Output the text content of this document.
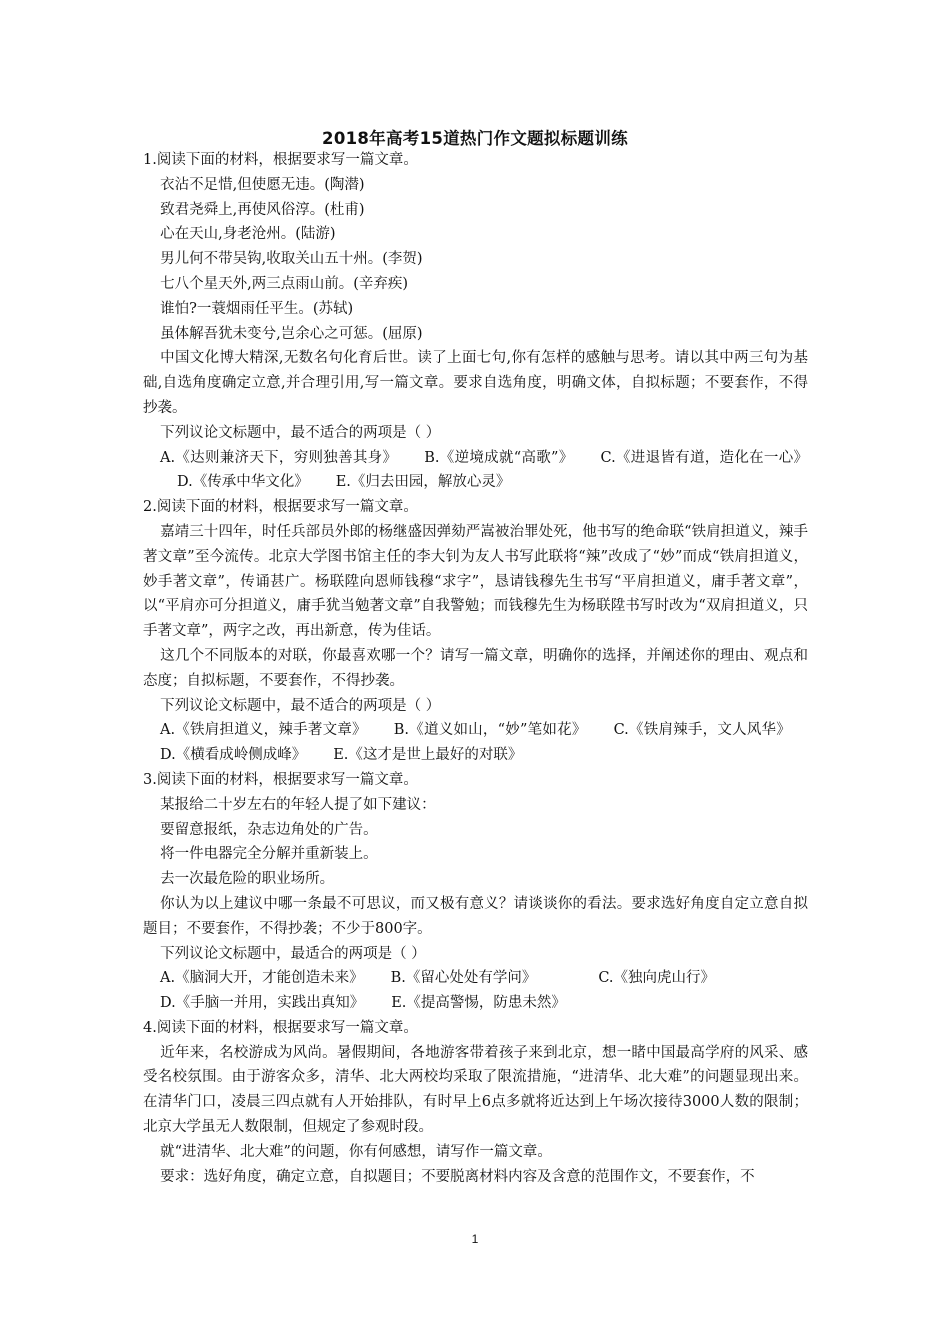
2018年高考15道热门作文题拟标题训练

1.阅读下面的材料，根据要求写一篇文章。

衣沾不足惜,但使愿无违。(陶潜)

致君尧舜上,再使风俗淳。(杜甫)

心在天山,身老沧州。(陆游)

男儿何不带吴钩,收取关山五十州。(李贺)

七八个星天外,两三点雨山前。(辛弃疾)

谁怕?一蓑烟雨任平生。(苏轼)

虽体解吾犹未变兮,岂余心之可惩。(屈原)

中国文化博大精深,无数名句化育后世。读了上面七句,你有怎样的感触与思考。请以其中两三句为基础,自选角度确定立意,并合理引用,写一篇文章。要求自选角度，明确文体，自拟标题；不要套作，不得抄袭。

下列议论文标题中，最不适合的两项是（ ）

A.《达则兼济天下，穷则独善其身》 B.《逆境成就“高歌”》 C.《进退皆有道，造化在一心》D.《传承中华文化》 E.《归去田园，解放心灵》

2.阅读下面的材料，根据要求写一篇文章。

嘉靖三十四年，时任兵部员外郎的杨继盛因弹劾严嵩被治罪处死，他书写的绝命联“铁肩担道义，辣手著文章”至今流传。北京大学图书馆主任的李大钊为友人书写此联将“辣”改成了“妙”而成“铁肩担道义，妙手著文章”，传诵甚广。杨联陞向恩师钱穆“求字”，恳请钱穆先生书写“平肩担道义，庸手著文章”，以“平肩亦可分担道义，庸手犹当勉著文章”自我警勉；而钱穆先生为杨联陞书写时改为“双肩担道义，只手著文章”，两字之改，再出新意，传为佳话。

这几个不同版本的对联，你最喜欢哪一个？请写一篇文章，明确你的选择，并阐述你的理由、观点和态度；自拟标题，不要套作，不得抄袭。

下列议论文标题中，最不适合的两项是（ ）

A.《铁肩担道义，辣手著文章》 B.《道义如山，“妙”笔如花》 C.《铁肩辣手，文人风华》D.《横看成岭侧成峰》 E.《这才是世上最好的对联》

3.阅读下面的材料，根据要求写一篇文章。

某报给二十岁左右的年轻人提了如下建议：

要留意报纸，杂志边角处的广告。

将一件电器完全分解并重新装上。

去一次最危险的职业场所。

你认为以上建议中哪一条最不可思议，而又极有意义？请谈谈你的看法。要求选好角度自定立意自拟题目；不要套作，不得抄袭；不少于800字。

下列议论文标题中，最适合的两项是（ ）

A.《脑洞大开，才能创造未来》 B.《留心处处有学问》	C.《独向虎山行》

D.《手脑一并用，实践出真知》 E.《提高警惕，防患未然》

4.阅读下面的材料，根据要求写一篇文章。

近年来，名校游成为风尚。暑假期间，各地游客带着孩子来到北京，想一睹中国最高学府的风采、感受名校氛围。由于游客众多，清华、北大两校均采取了限流措施，“进清华、北大难”的问题显现出来。在清华门口，凌晨三四点就有人开始排队，有时早上6点多就将近达到上午场次接待3000人数的限制；北京大学虽无人数限制，但规定了参观时段。

就“进清华、北大难”的问题，你有何感想，请写作一篇文章。

要求：选好角度，确定立意，自拟题目；不要脱离材料内容及含意的范围作文，不要套作，不

1
